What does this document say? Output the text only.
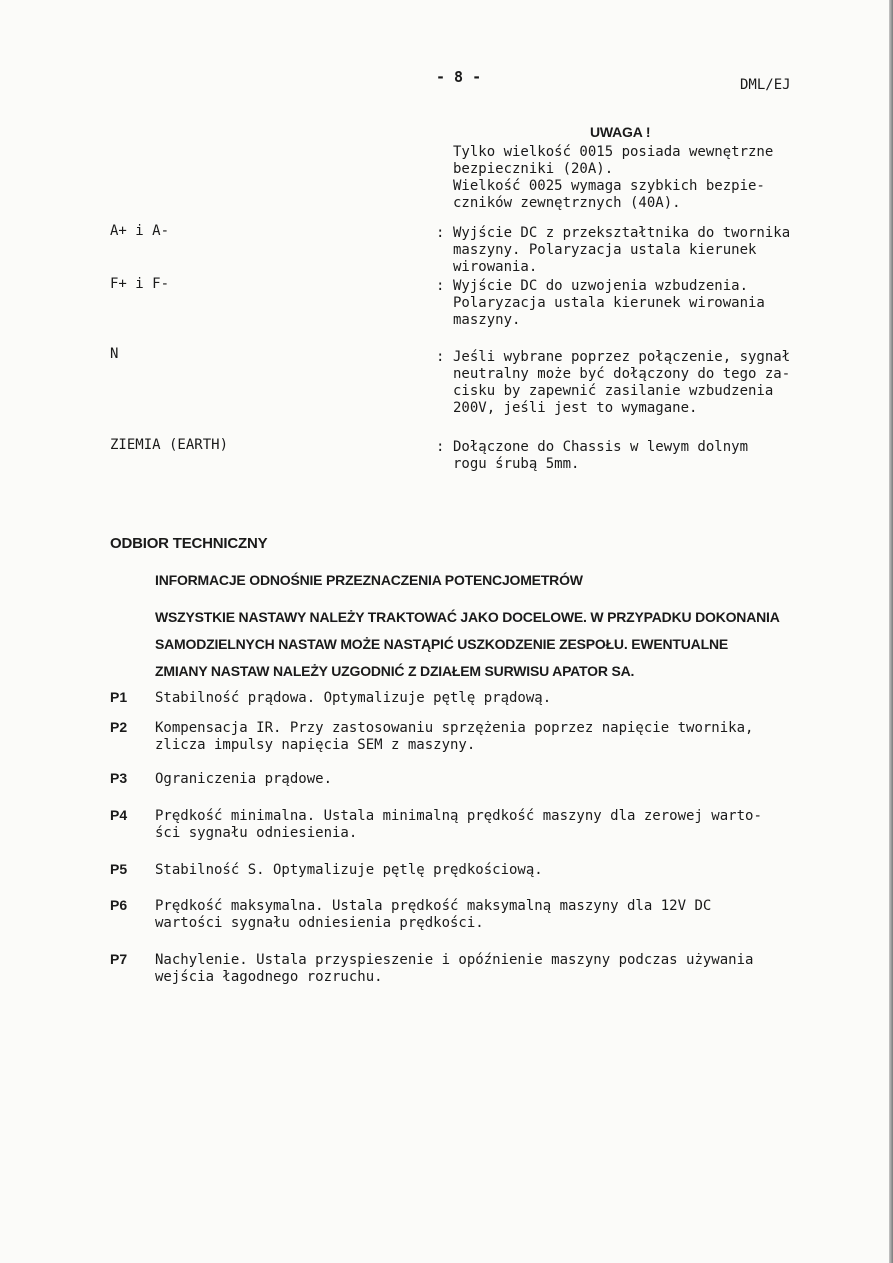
- 8 -	DML/EJ
UWAGA !
Tylko wielkość 0015 posiada wewnętrzne
bezpieczniki (20A).
Wielkość 0025 wymaga szybkich bezpie-
czników zewnętrznych (40A).
A+ i A-	: Wyjście DC z przekształtnika do twornika
maszyny. Polaryzacja ustala kierunek
wirowania.
F+ i F-	: Wyjście DC do uzwojenia wzbudzenia.
Polaryzacja ustala kierunek wirowania
maszyny.
N	: Jeśli wybrane poprzez połączenie, sygnał
neutralny może być dołączony do tego za-
cisku by zapewnić zasilanie wzbudzenia
200V, jeśli jest to wymagane.
ZIEMIA (EARTH)	: Dołączone do Chassis w lewym dolnym
rogu śrubą 5mm.
ODBIOR TECHNICZNY
INFORMACJE ODNOŚNIE PRZEZNACZENIA POTENCJOMETRÓW
WSZYSTKIE NASTAWY NALEŻY TRAKTOWAĆ JAKO DOCELOWE. W PRZYPADKU DOKONANIA
SAMODZIELNYCH NASTAW MOŻE NASTĄPIĆ USZKODZENIE ZESPOŁU. EWENTUALNE
ZMIANY NASTAW NALEŻY UZGODNIĆ Z DZIAŁEM SURWISU APATOR SA.
P1 Stabilność prądowa. Optymalizuje pętlę prądową.
P2 Kompensacja IR. Przy zastosowaniu sprzężenia poprzez napięcie twornika,
zlicza impulsy napięcia SEM z maszyny.
P3 Ograniczenia prądowe.
P4 Prędkość minimalna. Ustala minimalną prędkość maszyny dla zerowej warto-
ści sygnału odniesienia.
P5 Stabilność S. Optymalizuje pętlę prędkościową.
P6 Prędkość maksymalna. Ustala prędkość maksymalną maszyny dla 12V DC
wartości sygnału odniesienia prędkości.
P7 Nachylenie. Ustala przyspieszenie i opóźnienie maszyny podczas używania
wejścia łagodnego rozruchu.
